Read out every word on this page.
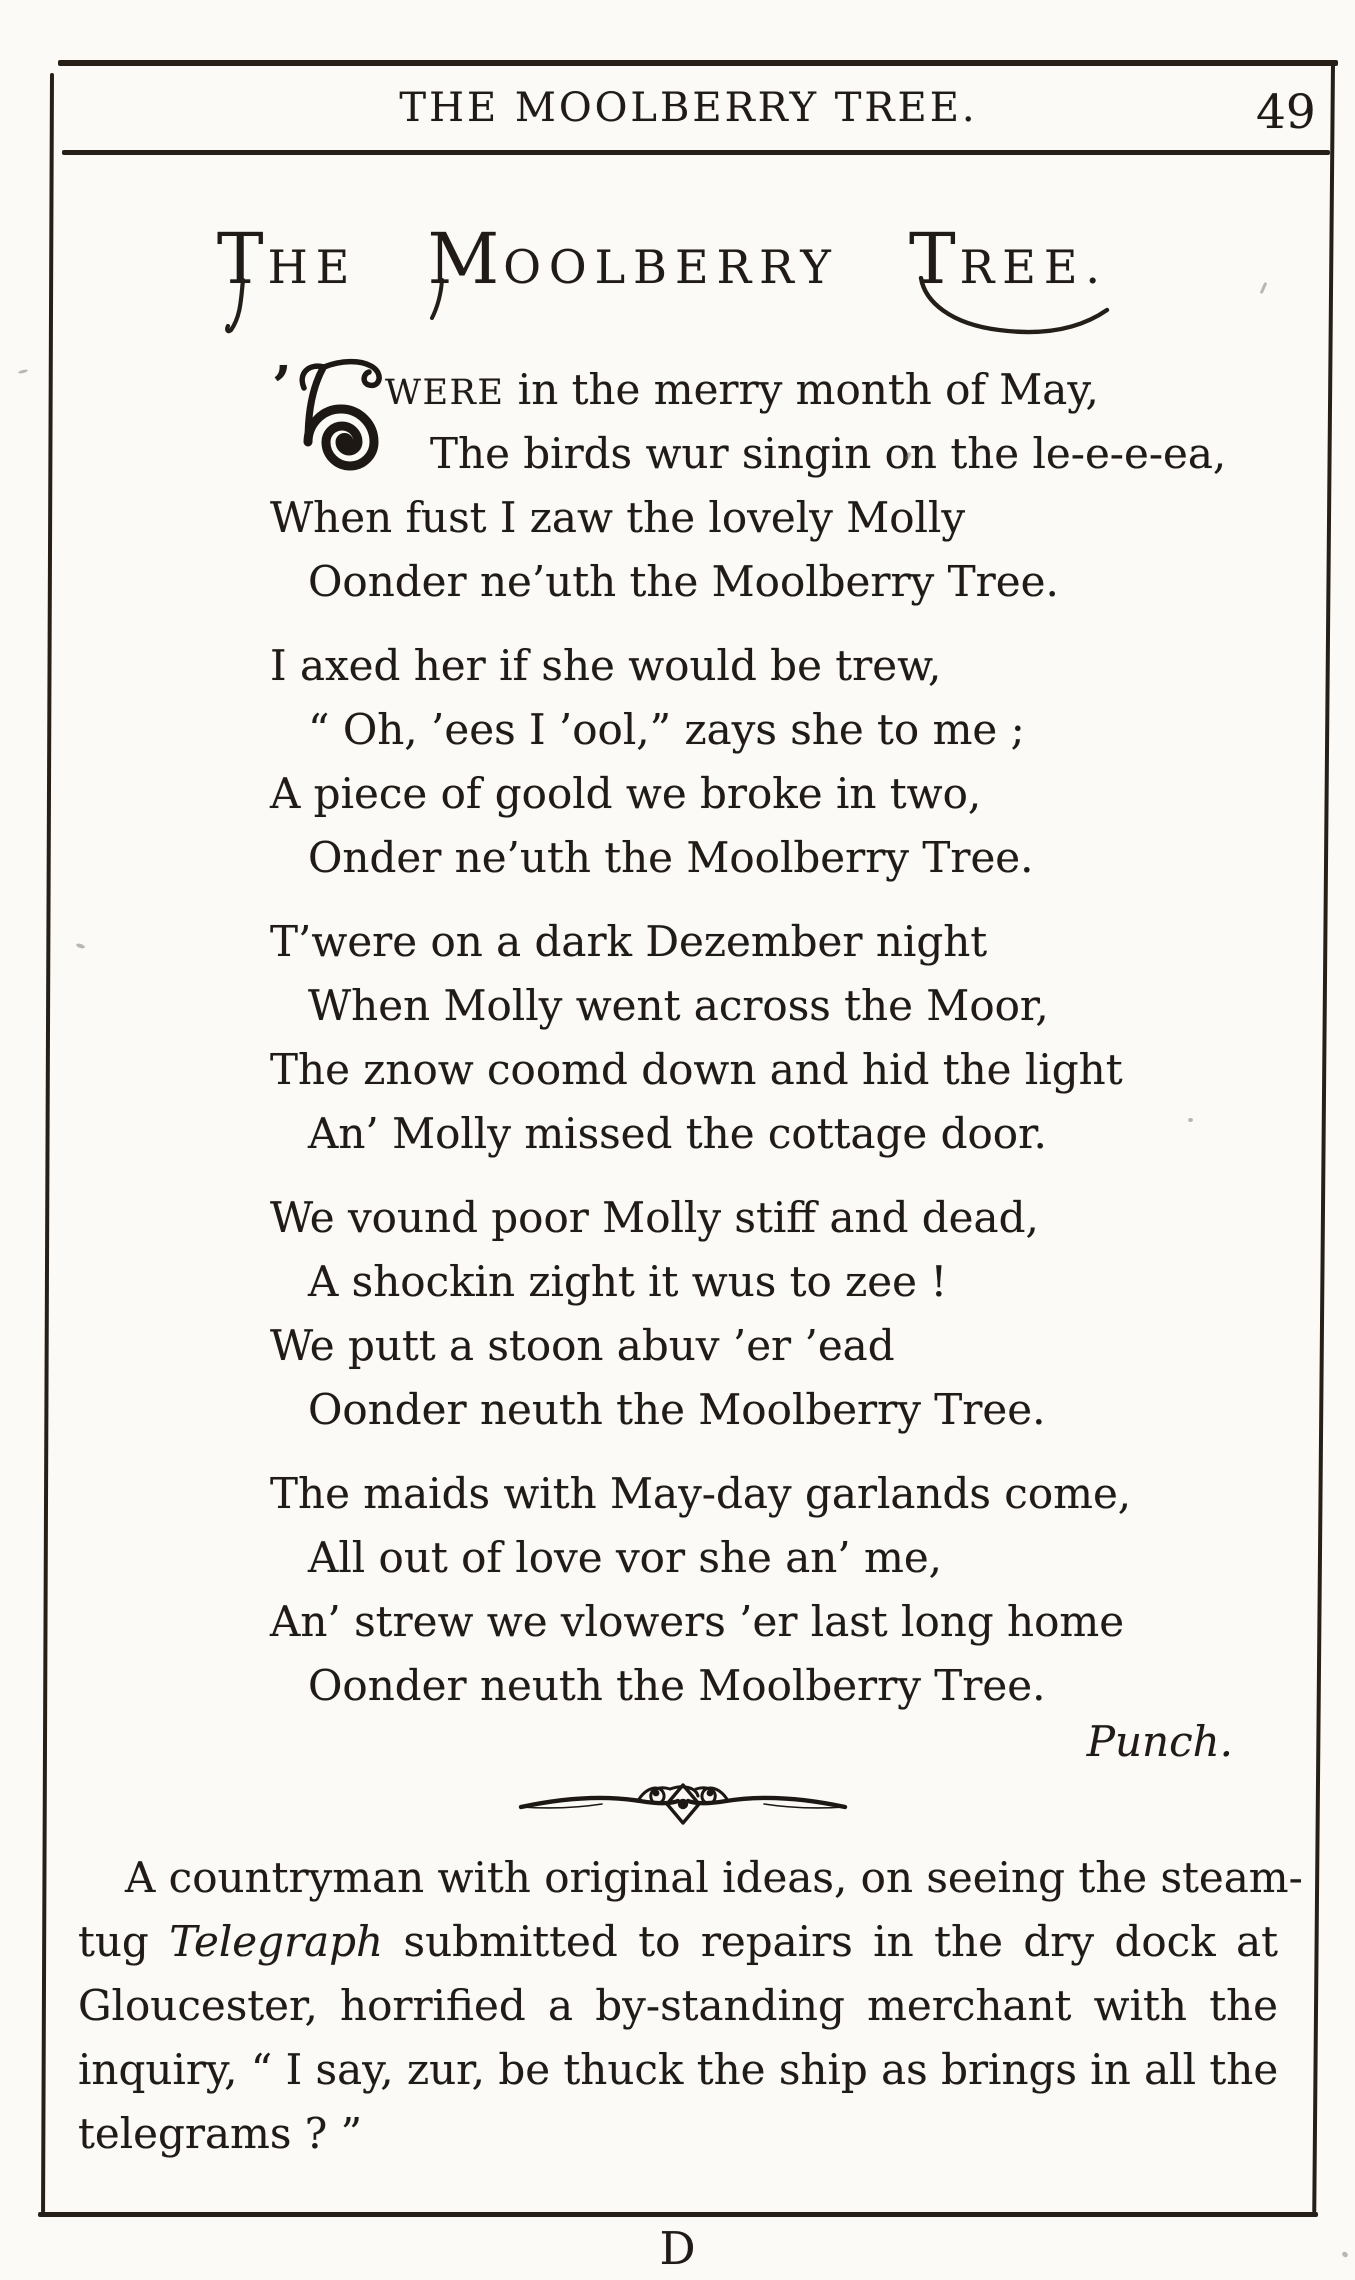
THE MOOLBERRY TREE.	49
THE MOOLBERRY TREE.
’	WERE in the merry month of May,
The birds wur singin on the le-e-e-ea,
When fust I zaw the lovely Molly
Oonder ne’uth the Moolberry Tree.
I axed her if she would be trew,
“ Oh, ’ees I ’ool,” zays she to me ;
A piece of goold we broke in two,
Onder ne’uth the Moolberry Tree.
T’were on a dark Dezember night
When Molly went across the Moor,
The znow coomd down and hid the light
An’ Molly missed the cottage door.
We vound poor Molly stiff and dead,
A shockin zight it wus to zee !
We putt a stoon abuv ’er ’ead
Oonder neuth the Moolberry Tree.
The maids with May-day garlands come,
All out of love vor she an’ me,
An’ strew we vlowers ’er last long home
Oonder neuth the Moolberry Tree.
Punch.
A countryman with original ideas, on seeing the steam-
tug Telegraph submitted to repairs in the dry dock at
Gloucester, horrified a by-standing merchant with the
inquiry, “ I say, zur, be thuck the ship as brings in all the
telegrams ? ”
D
